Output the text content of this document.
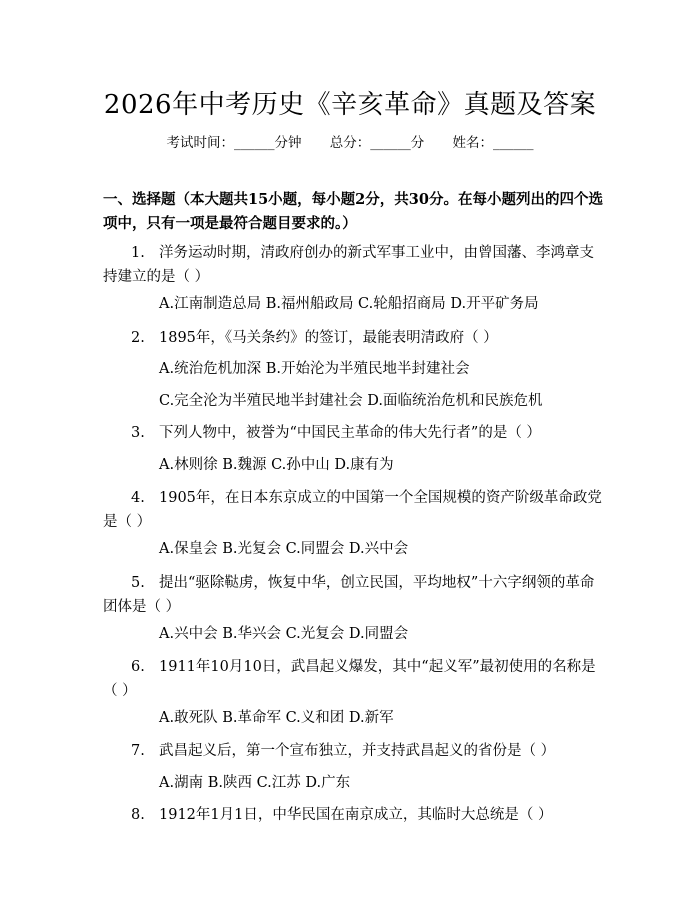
2026年中考历史《辛亥革命》真题及答案
考试时间：______分钟 总分：______分 姓名：______
一、选择题（本大题共15小题，每小题2分，共30分。在每小题列出的四个选项中，只有一项是最符合题目要求的。）
1. 洋务运动时期，清政府创办的新式军事工业中，由曾国藩、李鸿章支持建立的是（ ）
A.江南制造总局 B.福州船政局 C.轮船招商局 D.开平矿务局
2. 1895年，《马关条约》的签订，最能表明清政府（ ）
A.统治危机加深 B.开始沦为半殖民地半封建社会
C.完全沦为半殖民地半封建社会 D.面临统治危机和民族危机
3. 下列人物中，被誉为“中国民主革命的伟大先行者”的是（ ）
A.林则徐 B.魏源 C.孙中山 D.康有为
4. 1905年，在日本东京成立的中国第一个全国规模的资产阶级革命政党是（ ）
A.保皇会 B.光复会 C.同盟会 D.兴中会
5. 提出“驱除鞑虏，恢复中华，创立民国，平均地权”十六字纲领的革命团体是（ ）
A.兴中会 B.华兴会 C.光复会 D.同盟会
6. 1911年10月10日，武昌起义爆发，其中“起义军”最初使用的名称是（ ）
A.敢死队 B.革命军 C.义和团 D.新军
7. 武昌起义后，第一个宣布独立，并支持武昌起义的省份是（ ）
A.湖南 B.陕西 C.江苏 D.广东
8. 1912年1月1日，中华民国在南京成立，其临时大总统是（ ）
